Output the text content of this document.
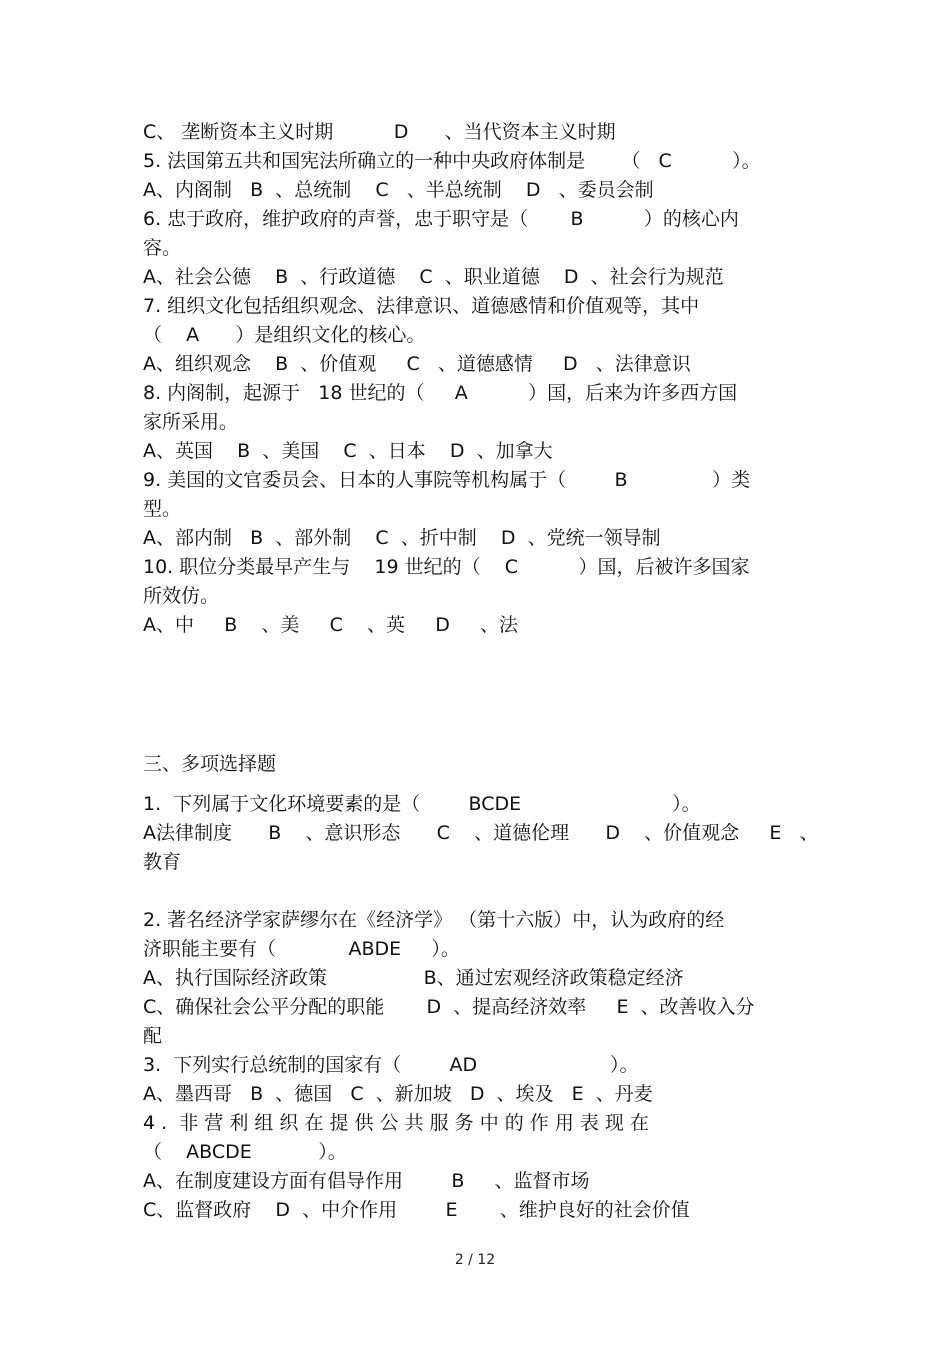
C、 垄断资本主义时期          D      、当代资本主义时期

5. 法国第五共和国宪法所确立的一种中央政府体制是      （   C          ）。

A、内阁制   B  、总统制    C   、半总统制    D   、委员会制

6. 忠于政府，维护政府的声誉，忠于职守是（       B          ）的核心内

容。

A、社会公德    B  、行政道德    C  、职业道德    D  、社会行为规范

7. 组织文化包括组织观念、法律意识、道德感情和价值观等，其中

（    A      ）是组织文化的核心。

A、组织观念    B  、价值观     C   、道德感情     D   、法律意识

8. 内阁制，起源于   18 世纪的（     A          ）国，后来为许多西方国

家所采用。

A、英国    B  、美国    C  、日本    D  、加拿大

9. 美国的文官委员会、日本的人事院等机构属于（        B              ）类

型。

A、部内制   B  、部外制    C  、折中制    D  、党统一领导制

10. 职位分类最早产生与    19 世纪的（    C          ）国，后被许多国家

所效仿。

A、中     B    、美     C    、英     D     、法

三、多项选择题

1.  下列属于文化环境要素的是（        BCDE                         ）。

A法律制度      B    、意识形态      C    、道德伦理      D    、价值观念     E   、

教育

2. 著名经济学家萨缪尔在《经济学》 （第十六版）中，认为政府的经

济职能主要有（            ABDE     ）。

A、执行国际经济政策                B、通过宏观经济政策稳定经济

C、确保社会公平分配的职能       D  、提高经济效率     E  、改善收入分

配

3.  下列实行总统制的国家有（        AD                      ）。

A、墨西哥   B  、德国   C  、新加坡   D  、埃及   E  、丹麦

4 .  非 营 利 组 织 在 提 供 公 共 服 务 中 的 作 用 表 现 在

（    ABCDE           ）。

A、在制度建设方面有倡导作用        B     、监督市场

C、监督政府    D  、中介作用        E       、维护良好的社会价值

2 / 12
